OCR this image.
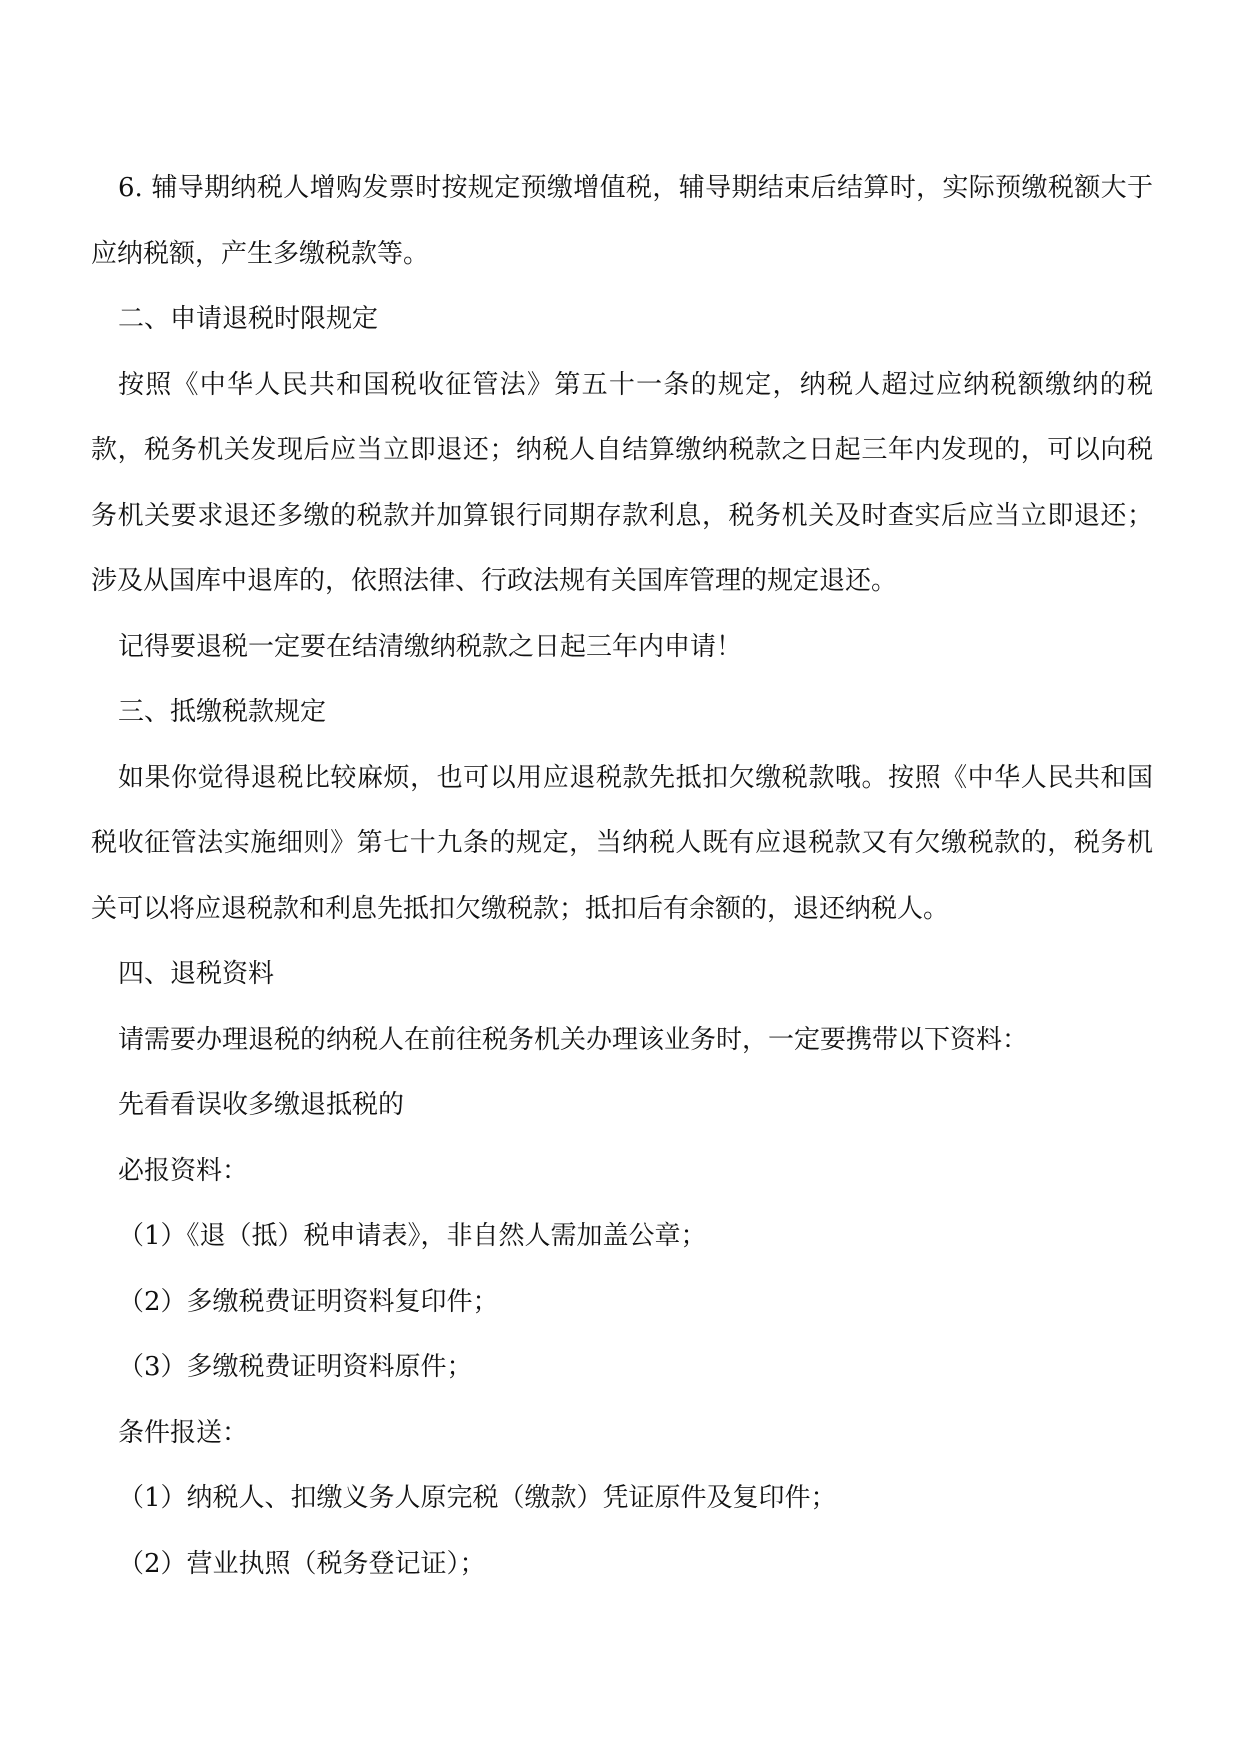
6. 辅导期纳税人增购发票时按规定预缴增值税，辅导期结束后结算时，实际预缴税额大于应纳税额，产生多缴税款等。

二、申请退税时限规定

按照《中华人民共和国税收征管法》第五十一条的规定，纳税人超过应纳税额缴纳的税款，税务机关发现后应当立即退还；纳税人自结算缴纳税款之日起三年内发现的，可以向税务机关要求退还多缴的税款并加算银行同期存款利息，税务机关及时查实后应当立即退还；涉及从国库中退库的，依照法律、行政法规有关国库管理的规定退还。

记得要退税一定要在结清缴纳税款之日起三年内申请！

三、抵缴税款规定

如果你觉得退税比较麻烦，也可以用应退税款先抵扣欠缴税款哦。按照《中华人民共和国税收征管法实施细则》第七十九条的规定，当纳税人既有应退税款又有欠缴税款的，税务机关可以将应退税款和利息先抵扣欠缴税款；抵扣后有余额的，退还纳税人。

四、退税资料

请需要办理退税的纳税人在前往税务机关办理该业务时，一定要携带以下资料：

先看看误收多缴退抵税的

必报资料：

（1）《退（抵）税申请表》，非自然人需加盖公章；

（2）多缴税费证明资料复印件；

（3）多缴税费证明资料原件；

条件报送：

（1）纳税人、扣缴义务人原完税（缴款）凭证原件及复印件；

（2）营业执照（税务登记证）；
